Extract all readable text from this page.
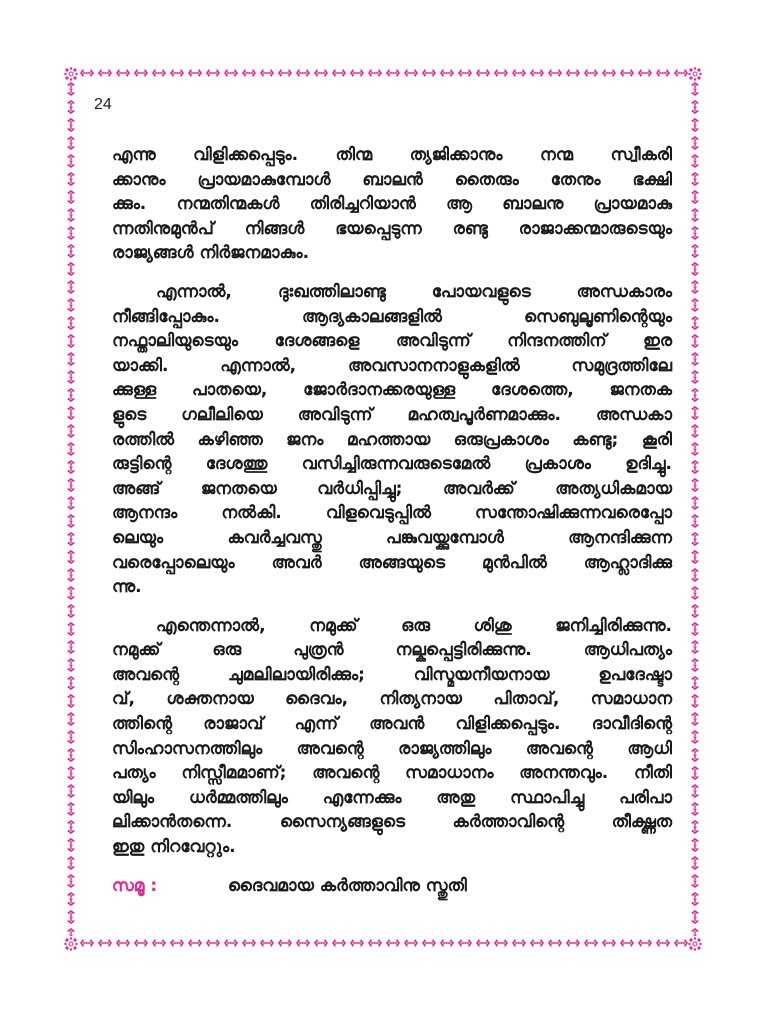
24
എന്നു വിളിക്കപ്പെടും. തിന്മ ത്യജിക്കാനും നന്മ സ്വീകരി
ക്കാനും പ്രായമാകുമ്പോൾ ബാലൻ തൈരും തേനും ഭക്ഷി
ക്കും. നന്മതിന്മകൾ തിരിച്ചറിയാൻ ആ ബാലനു പ്രായമാകു
ന്നതിനുമുൻപ് നിങ്ങൾ ഭയപ്പെടുന്ന രണ്ടു രാജാക്കന്മാരുടെയും
രാജ്യങ്ങൾ നിർജനമാകും.
എന്നാൽ, ദുഃഖത്തിലാണ്ടു പോയവളുടെ അന്ധകാരം
നീങ്ങിപ്പോകും. ആദ്യകാലങ്ങളിൽ സെബുലൂണിന്റെയും
നഫ്താലിയുടെയും ദേശങ്ങളെ അവിടുന്ന് നിന്ദനത്തിന് ഇര
യാക്കി. എന്നാൽ, അവസാനനാളുകളിൽ സമുദ്രത്തിലേ
ക്കുള്ള പാതയെ, ജോർദാനക്കരയുള്ള ദേശത്തെ, ജനതക
ളുടെ ഗലീലിയെ അവിടുന്ന് മഹത്വപൂർണമാക്കും. അന്ധകാ
രത്തിൽ കഴിഞ്ഞ ജനം മഹത്തായ ഒരുപ്രകാശം കണ്ടു; കൂരി
രുട്ടിന്റെ ദേശത്തു വസിച്ചിരുന്നവരുടെമേൽ പ്രകാശം ഉദിച്ചു.
അങ്ങ് ജനതയെ വർധിപ്പിച്ചു; അവർക്ക് അത്യധികമായ
ആനന്ദം നൽകി. വിളവെടുപ്പിൽ സന്തോഷിക്കുന്നവരെപ്പോ
ലെയും കവർച്ചവസ്തു പങ്കുവയ്ക്കുമ്പോൾ ആനന്ദിക്കുന്ന
വരെപ്പോലെയും അവർ അങ്ങയുടെ മുൻപിൽ ആഹ്ലാദിക്കു
ന്നു.
എന്തെന്നാൽ, നമുക്ക് ഒരു ശിശു ജനിച്ചിരിക്കുന്നു.
നമുക്ക് ഒരു പുത്രൻ നല്കപ്പെട്ടിരിക്കുന്നു. ആധിപത്യം
അവന്റെ ചുമലിലായിരിക്കും; വിസ്മയനീയനായ ഉപദേഷ്ടാ
വ്, ശക്തനായ ദൈവം, നിത്യനായ പിതാവ്, സമാധാന
ത്തിന്റെ രാജാവ് എന്ന് അവൻ വിളിക്കപ്പെടും. ദാവീദിന്റെ
സിംഹാസനത്തിലും അവന്റെ രാജ്യത്തിലും അവന്റെ ആധി
പത്യം നിസ്സീമമാണ്; അവന്റെ സമാധാനം അനന്തവും. നീതി
യിലും ധർമ്മത്തിലും എന്നേക്കും അതു സ്ഥാപിച്ചു പരിപാ
ലിക്കാൻതന്നെ. സൈന്യങ്ങളുടെ കർത്താവിന്റെ തീക്ഷ്ണത
ഇതു നിറവേറ്റും.
സമൂ :	ദൈവമായ കർത്താവിനു സ്തുതി
